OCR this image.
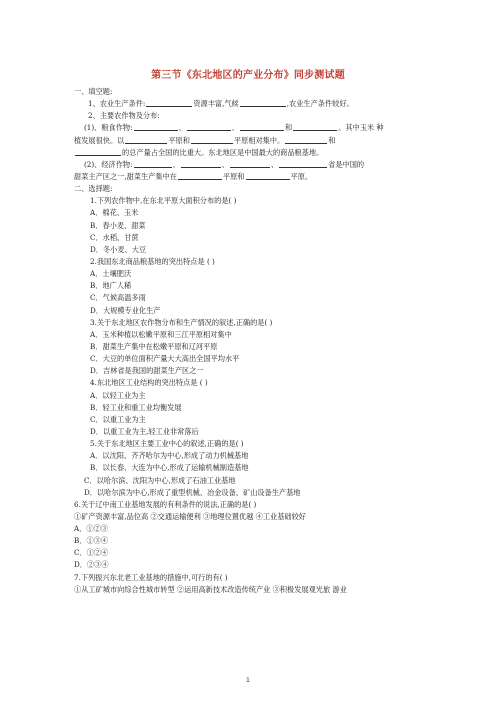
第三节《东北地区的产业分布》同步测试题
一、填空题:
1、农业生产条件:	资源丰富,气候	,农业生产条件较好。
2、主要农作物及分布:
(1)、粮食作物:	、	、	和	。其中玉米 种
植发展很快。以	平原和	平原相对集中。	和
的总产量占全国的比重大。东北地区是中国最大的商品粮基地。
(2)、经济作物:	、	、	、	省是中国的
甜菜主产区之一,甜菜生产集中在	平原和	平原。
二、选择题:
1.下列农作物中,在东北平原大面积分布的是( )
A．棉花、玉米
B．春小麦、甜菜
C．水稻、甘蔗
D．冬小麦、大豆
2.我国东北商品粮基地的突出特点是 ( )
A．土壤肥沃
B．地广人稀
C．气候高温多雨
D．大规模专业化生产
3.关于东北地区农作物分布和生产情况的叙述,正确的是( )
A．玉米种植以松嫩平原和三江平原相对集中
B．甜菜生产集中在松嫩平原和辽河平原
C．大豆的单位面积产量大大高出全国平均水平
D．吉林省是我国的甜菜生产区之一
4.东北地区工业结构的突出特点是 ( )
A．以轻工业为主
B．轻工业和重工业均衡发展
C．以重工业为主
D．以重工业为主,轻工业非常落后
5.关于东北地区主要工业中心的叙述,正确的是( )
A．以沈阳、齐齐哈尔为中心,形成了动力机械基地
B．以长春、大连为中心,形成了运输机械制造基地
C．以哈尔滨、沈阳为中心,形成了石油工业基地
D．以哈尔滨为中心,形成了重型机械、冶金设备、矿山设备生产基地
6.关于辽中南工业基地发展的有利条件的说法,正确的是( )
①矿产资源丰富,品位高 ②交通运输便利 ③地理位置优越 ④工业基础较好
A．①②③
B．①③④
C．①②④
D．②③④
7.下列振兴东北老工业基地的措施中,可行的有( )
①从工矿城市向综合性城市转型 ②运用高新技术改造传统产业 ③积极发展观光旅 游业
1
